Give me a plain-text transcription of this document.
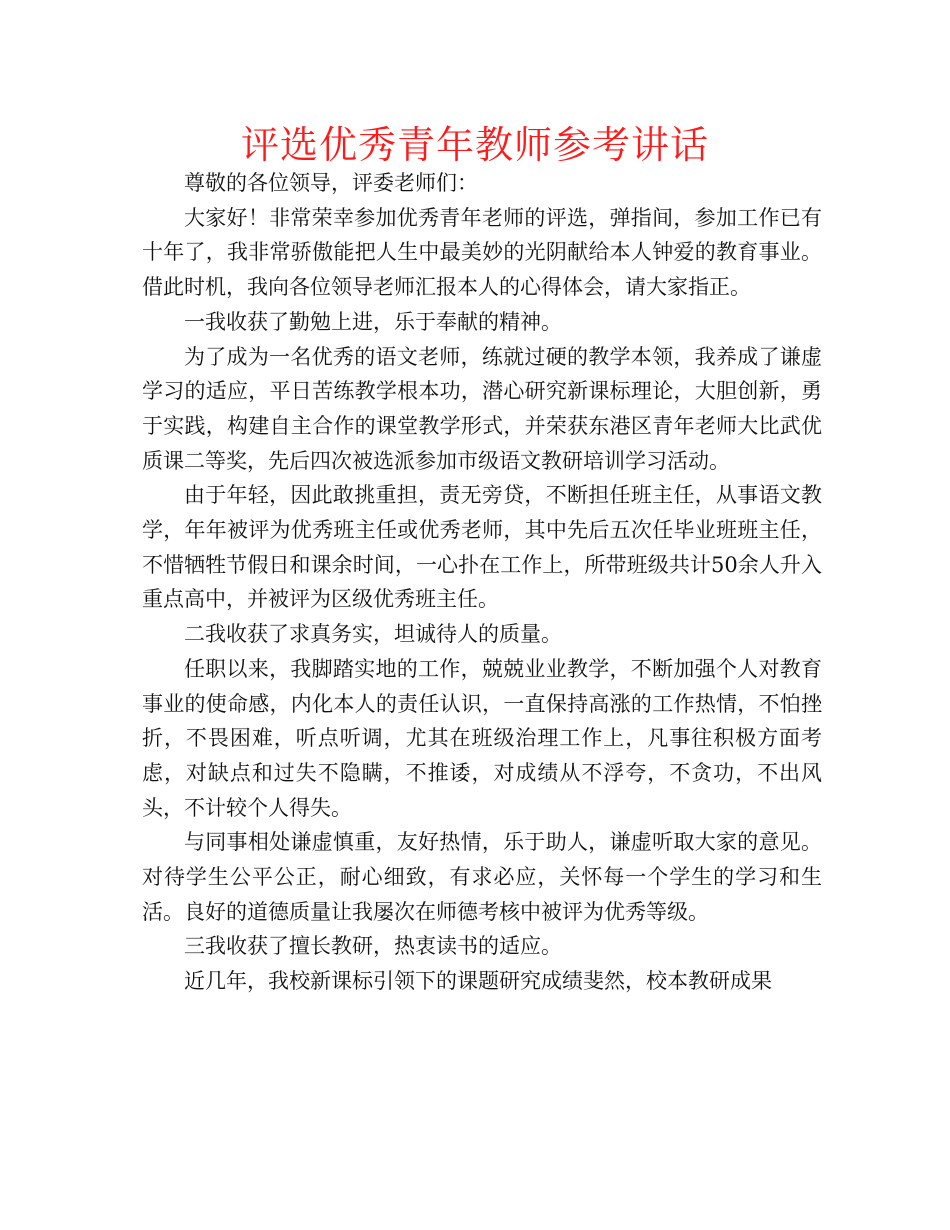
评选优秀青年教师参考讲话

尊敬的各位领导，评委老师们：

大家好！非常荣幸参加优秀青年老师的评选，弹指间，参加工作已有十年了，我非常骄傲能把人生中最美妙的光阴献给本人钟爱的教育事业。借此时机，我向各位领导老师汇报本人的心得体会，请大家指正。

一我收获了勤勉上进，乐于奉献的精神。

为了成为一名优秀的语文老师，练就过硬的教学本领，我养成了谦虚学习的适应，平日苦练教学根本功，潜心研究新课标理论，大胆创新，勇于实践，构建自主合作的课堂教学形式，并荣获东港区青年老师大比武优质课二等奖，先后四次被选派参加市级语文教研培训学习活动。

由于年轻，因此敢挑重担，责无旁贷，不断担任班主任，从事语文教学，年年被评为优秀班主任或优秀老师，其中先后五次任毕业班班主任，不惜牺牲节假日和课余时间，一心扑在工作上，所带班级共计50余人升入重点高中，并被评为区级优秀班主任。

二我收获了求真务实，坦诚待人的质量。

任职以来，我脚踏实地的工作，兢兢业业教学，不断加强个人对教育事业的使命感，内化本人的责任认识，一直保持高涨的工作热情，不怕挫折，不畏困难，听点听调，尤其在班级治理工作上，凡事往积极方面考虑，对缺点和过失不隐瞒，不推诿，对成绩从不浮夸，不贪功，不出风头，不计较个人得失。

与同事相处谦虚慎重，友好热情，乐于助人，谦虚听取大家的意见。对待学生公平公正，耐心细致，有求必应，关怀每一个学生的学习和生活。良好的道德质量让我屡次在师德考核中被评为优秀等级。

三我收获了擅长教研，热衷读书的适应。

近几年，我校新课标引领下的课题研究成绩斐然，校本教研成果
